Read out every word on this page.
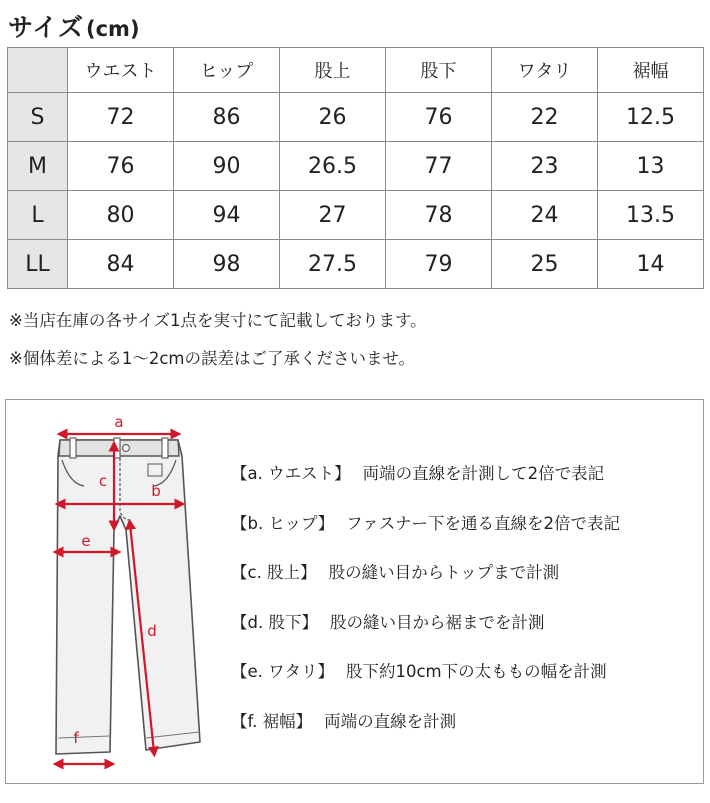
サイズ (cm)
	ウエスト	ヒップ	股上	股下	ワタリ	裾幅
S	72	86	26	76	22	12.5
M	76	90	26.5	77	23	13
L	80	94	27	78	24	13.5
LL	84	98	27.5	79	25	14
※当店在庫の各サイズ1点を実寸にて記載しております。
※個体差による1〜2cmの誤差はご了承くださいませ。
a
b
c
d
e
f
【a. ウエスト】 両端の直線を計測して2倍で表記
【b. ヒップ】 ファスナー下を通る直線を2倍で表記
【c. 股上】 股の縫い目からトップまで計測
【d. 股下】 股の縫い目から裾までを計測
【e. ワタリ】 股下約10cm下の太ももの幅を計測
【f. 裾幅】 両端の直線を計測
